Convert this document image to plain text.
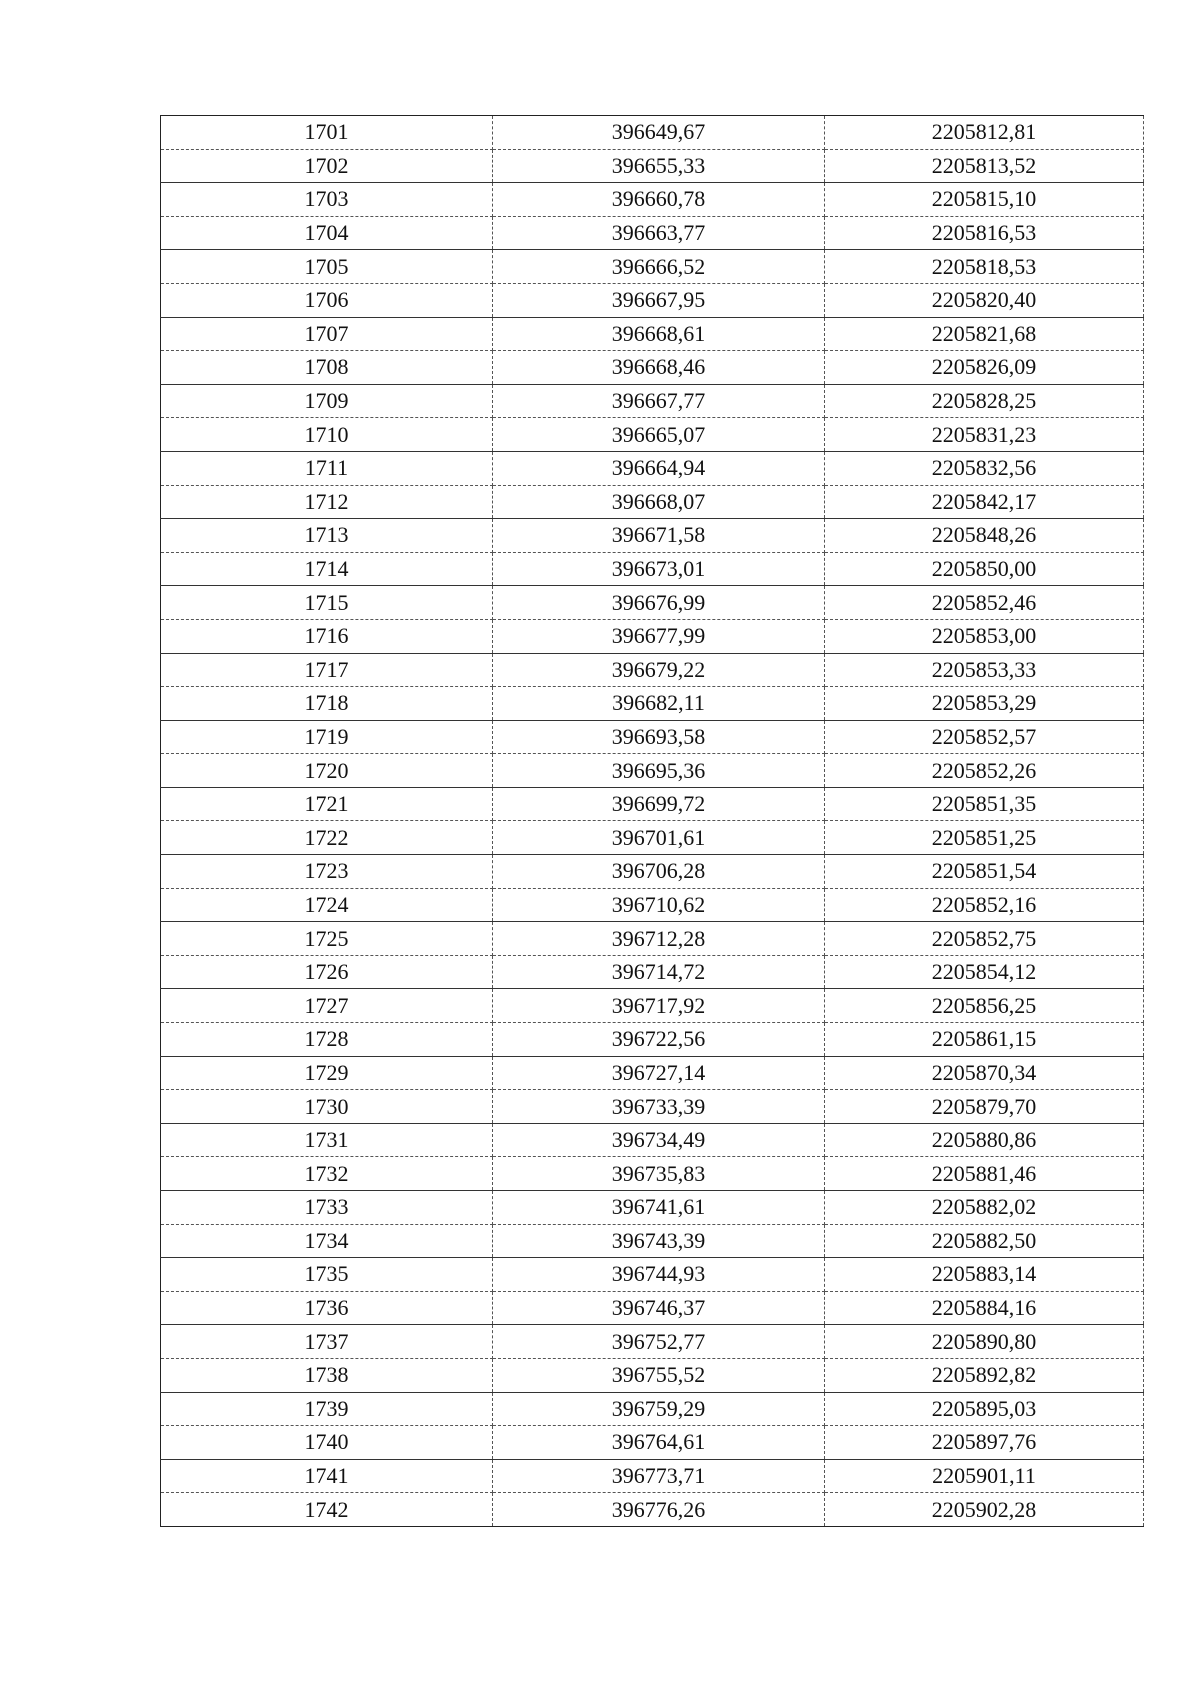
1701	396649,67	2205812,81
1702	396655,33	2205813,52
1703	396660,78	2205815,10
1704	396663,77	2205816,53
1705	396666,52	2205818,53
1706	396667,95	2205820,40
1707	396668,61	2205821,68
1708	396668,46	2205826,09
1709	396667,77	2205828,25
1710	396665,07	2205831,23
1711	396664,94	2205832,56
1712	396668,07	2205842,17
1713	396671,58	2205848,26
1714	396673,01	2205850,00
1715	396676,99	2205852,46
1716	396677,99	2205853,00
1717	396679,22	2205853,33
1718	396682,11	2205853,29
1719	396693,58	2205852,57
1720	396695,36	2205852,26
1721	396699,72	2205851,35
1722	396701,61	2205851,25
1723	396706,28	2205851,54
1724	396710,62	2205852,16
1725	396712,28	2205852,75
1726	396714,72	2205854,12
1727	396717,92	2205856,25
1728	396722,56	2205861,15
1729	396727,14	2205870,34
1730	396733,39	2205879,70
1731	396734,49	2205880,86
1732	396735,83	2205881,46
1733	396741,61	2205882,02
1734	396743,39	2205882,50
1735	396744,93	2205883,14
1736	396746,37	2205884,16
1737	396752,77	2205890,80
1738	396755,52	2205892,82
1739	396759,29	2205895,03
1740	396764,61	2205897,76
1741	396773,71	2205901,11
1742	396776,26	2205902,28
